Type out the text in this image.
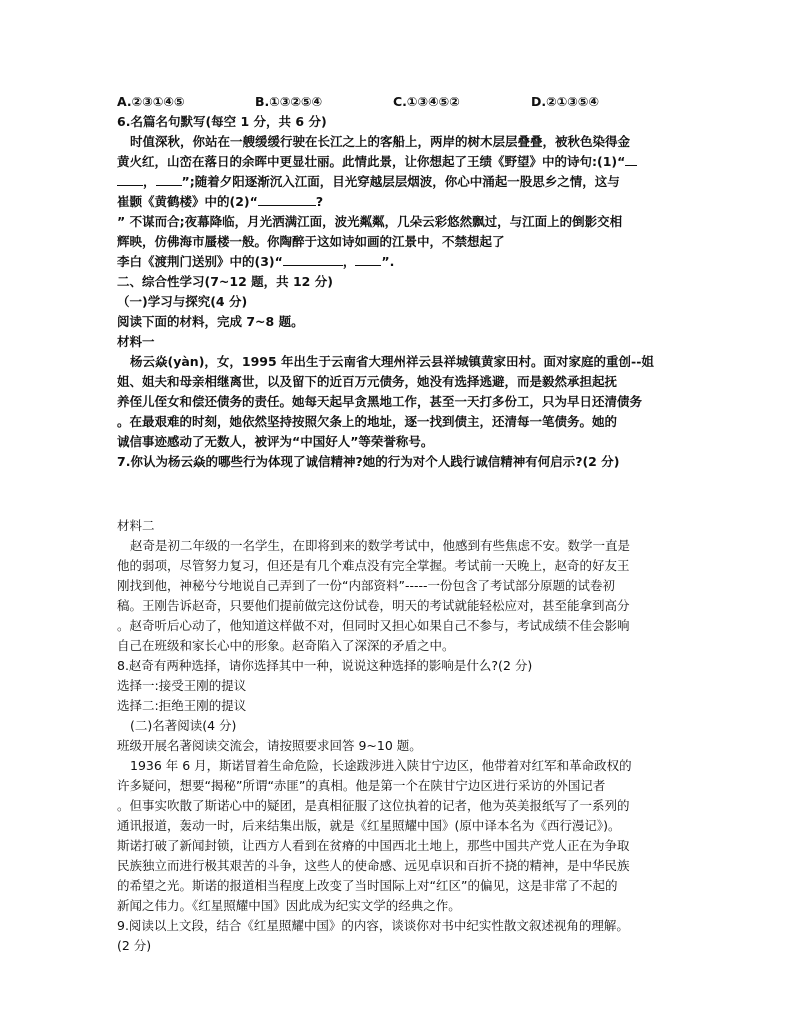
A.②③①④⑤	B.①③②⑤④	C.①③④⑤②	D.②①③⑤④
6.名篇名句默写(每空 1 分，共 6 分)
时值深秋，你站在一艘缓缓行驶在长江之上的客船上，两岸的树木层层叠叠，被秋色染得金
黄火红，山峦在落日的余晖中更显壮丽。此情此景，让你想起了王绩《野望》中的诗句:(1)“
， ”;随着夕阳逐渐沉入江面，目光穿越层层烟波，你心中涌起一股思乡之情，这与
崔颢《黄鹤楼》中的(2)“	?
” 不谋而合;夜幕降临，月光洒满江面，波光粼粼，几朵云彩悠然飘过，与江面上的倒影交相
辉映，仿佛海市蜃楼一般。你陶醉于这如诗如画的江景中，不禁想起了
李白《渡荆门送别》中的(3)“	， ”.
二、综合性学习(7~12 题，共 12 分)
（一)学习与探究(4 分)
阅读下面的材料，完成 7~8 题。
材料一
杨云焱(yàn)，女，1995 年出生于云南省大理州祥云县祥城镇黄家田村。面对家庭的重创--姐
姐、姐夫和母亲相继离世，以及留下的近百万元债务，她没有选择逃避，而是毅然承担起抚
养侄儿侄女和偿还债务的责任。她每天起早贪黑地工作，甚至一天打多份工，只为早日还清债务
。在最艰难的时刻，她依然坚持按照欠条上的地址，逐一找到债主，还清每一笔债务。她的
诚信事迹感动了无数人，被评为“中国好人”等荣誉称号。
7.你认为杨云焱的哪些行为体现了诚信精神?她的行为对个人践行诚信精神有何启示?(2 分)
材料二
赵奇是初二年级的一名学生，在即将到来的数学考试中，他感到有些焦虑不安。数学一直是
他的弱项，尽管努力复习，但还是有几个难点没有完全掌握。考试前一天晚上，赵奇的好友王
刚找到他，神秘兮兮地说自己弄到了一份“内部资料”-----一份包含了考试部分原题的试卷初
稿。王刚告诉赵奇，只要他们提前做完这份试卷，明天的考试就能轻松应对，甚至能拿到高分
。赵奇听后心动了，他知道这样做不对，但同时又担心如果自己不参与，考试成绩不佳会影响
自己在班级和家长心中的形象。赵奇陷入了深深的矛盾之中。
8.赵奇有两种选择，请你选择其中一种，说说这种选择的影响是什么?(2 分)
选择一:接受王刚的提议
选择二:拒绝王刚的提议
(二)名著阅读(4 分)
班级开展名著阅读交流会，请按照要求回答 9~10 题。
1936 年 6 月，斯诺冒着生命危险，长途跋涉进入陕甘宁边区，他带着对红军和革命政权的
许多疑问，想要“揭秘”所谓“赤匪”的真相。他是第一个在陕甘宁边区进行采访的外国记者
。但事实吹散了斯诺心中的疑团，是真相征服了这位执着的记者，他为英美报纸写了一系列的
通讯报道，轰动一时，后来结集出版，就是《红星照耀中国》(原中译本名为《西行漫记》)。
斯诺打破了新闻封锁，让西方人看到在贫瘠的中国西北土地上，那些中国共产党人正在为争取
民族独立而进行极其艰苦的斗争，这些人的使命感、远见卓识和百折不挠的精神，是中华民族
的希望之光。斯诺的报道相当程度上改变了当时国际上对“红区”的偏见，这是非常了不起的
新闻之伟力。《红星照耀中国》因此成为纪实文学的经典之作。
9.阅读以上文段，结合《红星照耀中国》的内容，谈谈你对书中纪实性散文叙述视角的理解。
(2 分)
